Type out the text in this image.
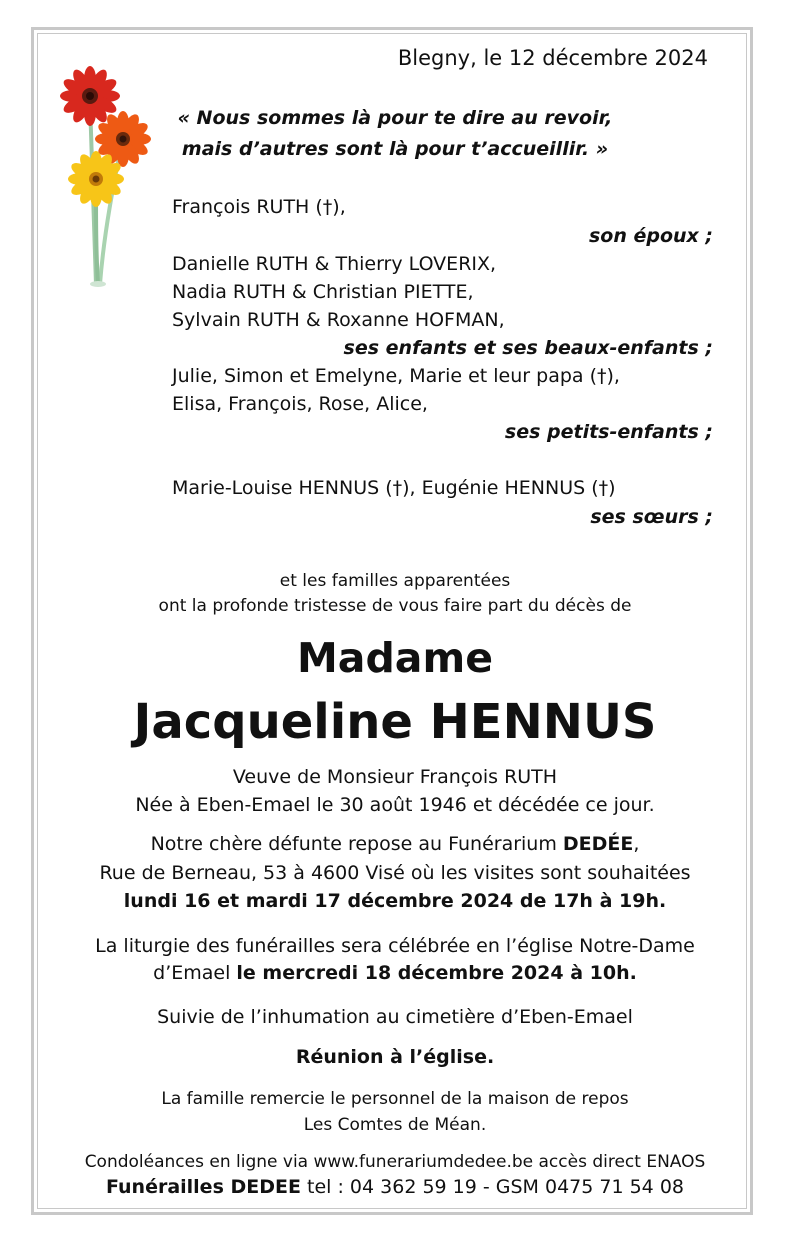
Blegny, le 12 décembre 2024
« Nous sommes là pour te dire au revoir,
mais d’autres sont là pour t’accueillir. »
François RUTH (†),
son époux ;
Danielle RUTH & Thierry LOVERIX,
Nadia RUTH & Christian PIETTE,
Sylvain RUTH & Roxanne HOFMAN,
ses enfants et ses beaux-enfants ;
Julie, Simon et Emelyne, Marie et leur papa (†),
Elisa, François, Rose, Alice,
ses petits-enfants ;
Marie-Louise HENNUS (†), Eugénie HENNUS (†)
ses sœurs ;
et les familles apparentées
ont la profonde tristesse de vous faire part du décès de
Madame
Jacqueline HENNUS
Veuve de Monsieur François RUTH
Née à Eben-Emael le 30 août 1946 et décédée ce jour.
Notre chère défunte repose au Funérarium DEDÉE,
Rue de Berneau, 53 à 4600 Visé où les visites sont souhaitées
lundi 16 et mardi 17 décembre 2024 de 17h à 19h.
La liturgie des funérailles sera célébrée en l’église Notre-Dame
d’Emael le mercredi 18 décembre 2024 à 10h.
Suivie de l’inhumation au cimetière d’Eben-Emael
Réunion à l’église.
La famille remercie le personnel de la maison de repos
Les Comtes de Méan.
Condoléances en ligne via www.funerariumdedee.be accès direct ENAOS
Funérailles DEDEE tel : 04 362 59 19 - GSM 0475 71 54 08
